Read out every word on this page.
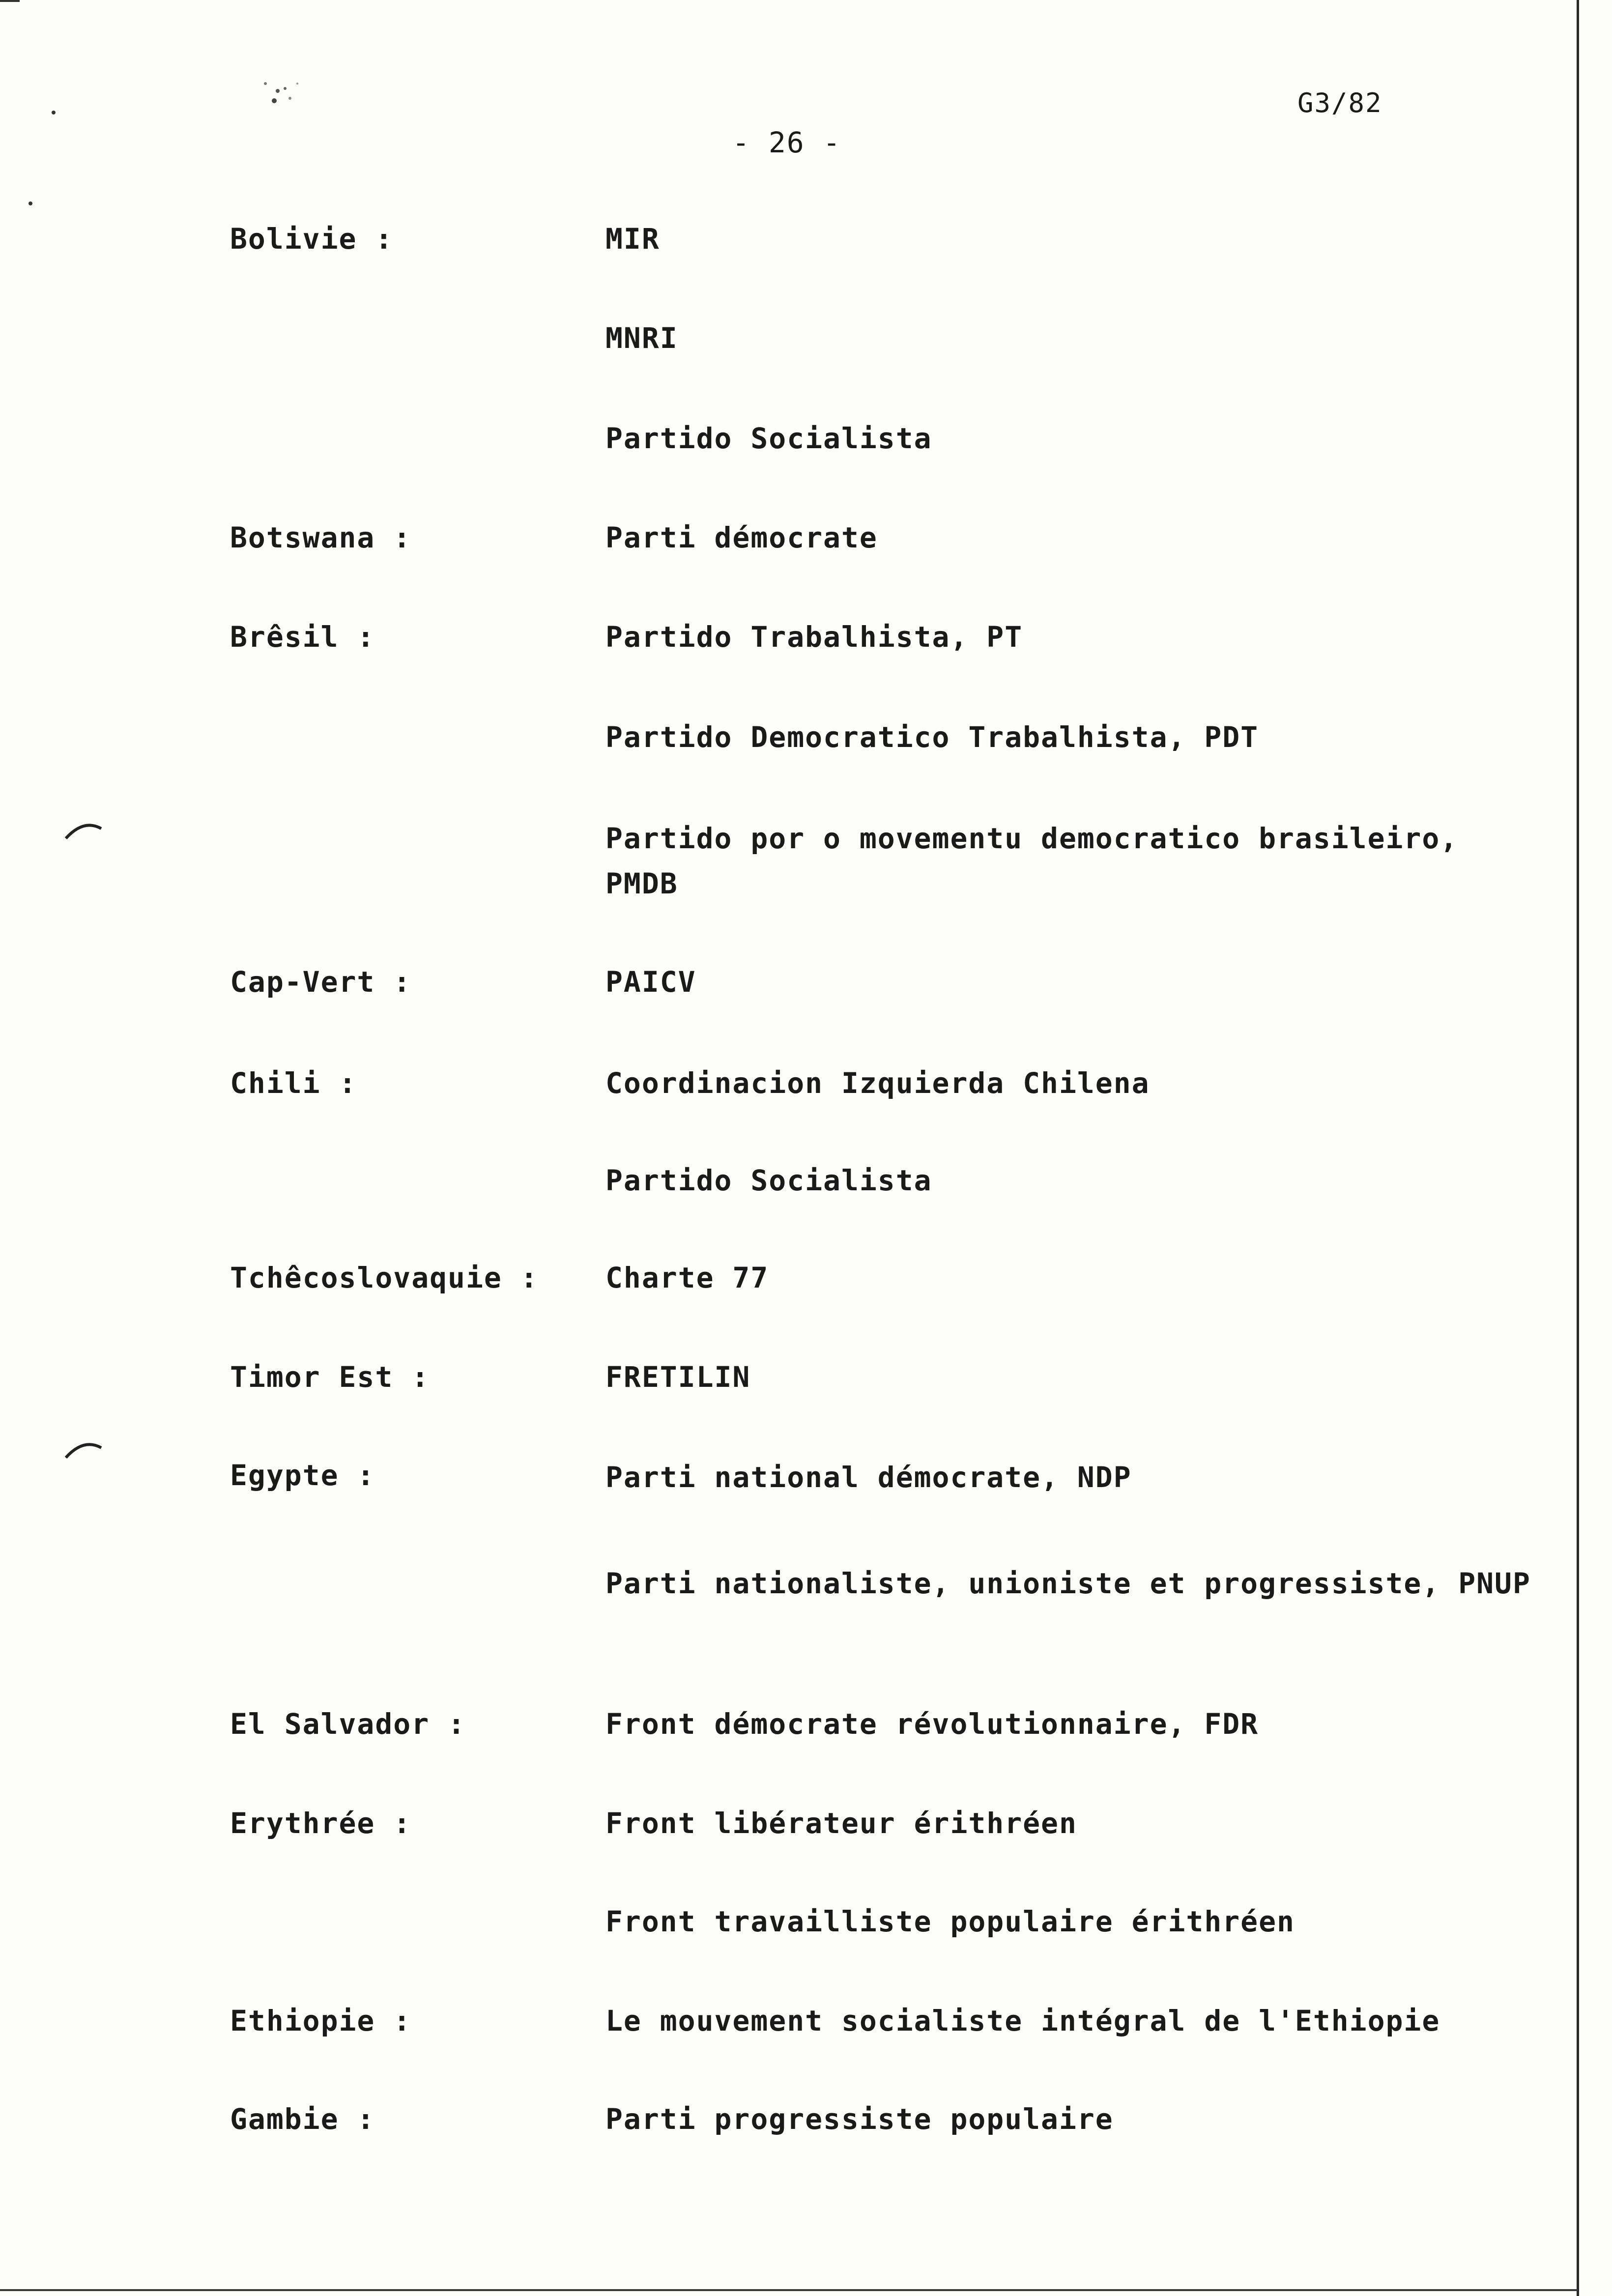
G3/82
- 26 -
Bolivie :	MIR
MNRI
Partido Socialista
Botswana :	Parti démocrate
Brêsil :	Partido Trabalhista, PT
Partido Democratico Trabalhista, PDT
Partido por o movementu democratico brasileiro, PMDB
Cap-Vert :	PAICV
Chili :	Coordinacion Izquierda Chilena
Partido Socialista
Tchêcoslovaquie : Charte 77
Timor Est :	FRETILIN
Egypte :	Parti national démocrate, NDP
Parti nationaliste, unioniste et progressiste, PNUP
El Salvador :	Front démocrate révolutionnaire, FDR
Erythrée :	Front libérateur érithréen
Front travailliste populaire érithréen
Ethiopie :	Le mouvement socialiste intégral de l'Ethiopie
Gambie :	Parti progressiste populaire
